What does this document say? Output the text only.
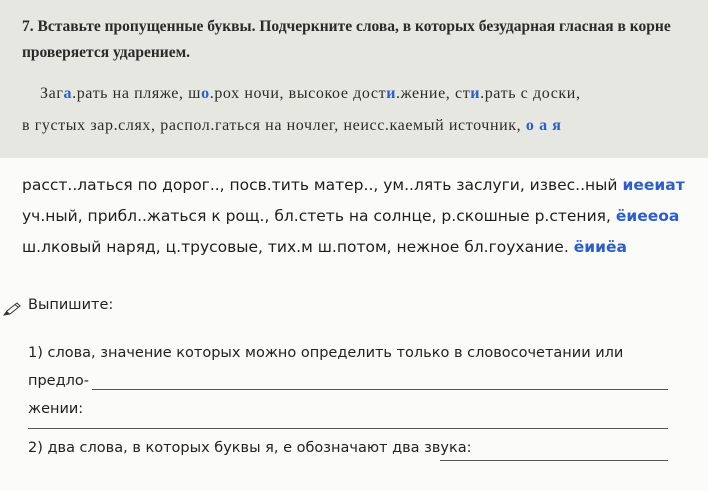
7. Вставьте пропущенные буквы. Подчеркните слова, в которых безударная гласная в корне проверяется ударением.
Зага.рать на пляже, шо.рох ночи, высокое дости.жение, сти.рать с доски,
в густых зар.слях, распол.гаться на ночлег, неисс.каемый источник, о а я
расст..латься по дорог.., посв.тить матер.., ум..лять заслуги, извес..ный иееиат
уч.ный, прибл..жаться к рощ., бл.стеть на солнце, р.скошные р.стения, ёиееоа
ш.лковый наряд, ц.трусовые, тих.м ш.потом, нежное бл.гоухание. ёииёа
Выпишите:
1) слова, значение которых можно определить только в словосочетании или предло-
жении:
2) два слова, в которых буквы я, е обозначают два звука:
